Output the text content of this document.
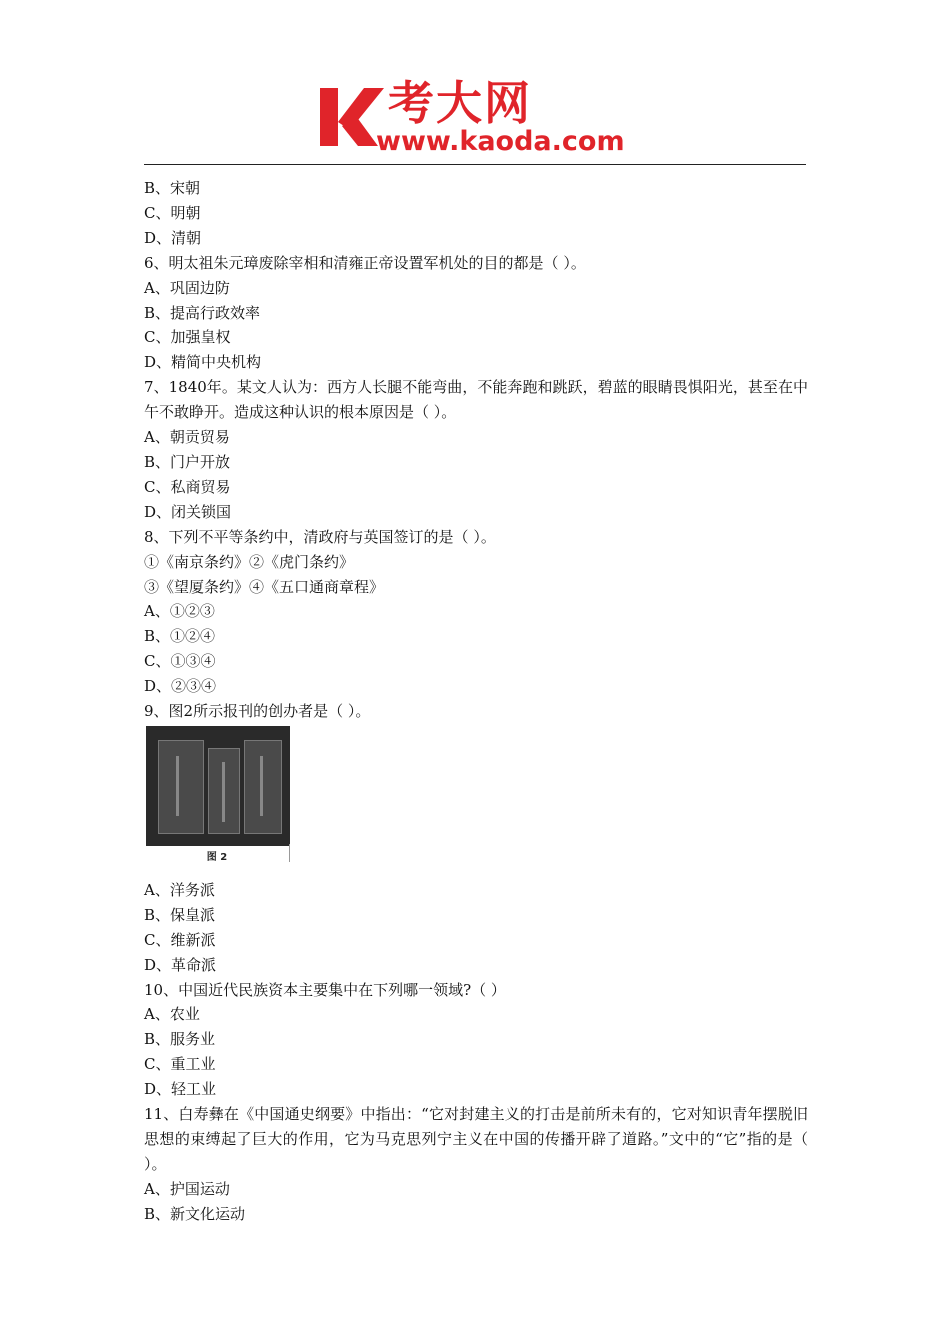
考大网
www.kaoda.com
B、宋朝
C、明朝
D、清朝
6、明太祖朱元璋废除宰相和清雍正帝设置军机处的目的都是（ ）。
A、巩固边防
B、提高行政效率
C、加强皇权
D、精简中央机构
7、1840年。某文人认为：西方人长腿不能弯曲，不能奔跑和跳跃，碧蓝的眼睛畏惧阳光，甚至在中午不敢睁开。造成这种认识的根本原因是（ ）。
A、朝贡贸易
B、门户开放
C、私商贸易
D、闭关锁国
8、下列不平等条约中，清政府与英国签订的是（ ）。
①《南京条约》②《虎门条约》
③《望厦条约》④《五口通商章程》
A、①②③
B、①②④
C、①③④
D、②③④
9、图2所示报刊的创办者是（ ）。
图 2
A、洋务派
B、保皇派
C、维新派
D、革命派
10、中国近代民族资本主要集中在下列哪一领域?（ ）
A、农业
B、服务业
C、重工业
D、轻工业
11、白寿彝在《中国通史纲要》中指出：“它对封建主义的打击是前所未有的，它对知识青年摆脱旧思想的束缚起了巨大的作用，它为马克思列宁主义在中国的传播开辟了道路。”文中的“它”指的是（ ）。
A、护国运动
B、新文化运动
